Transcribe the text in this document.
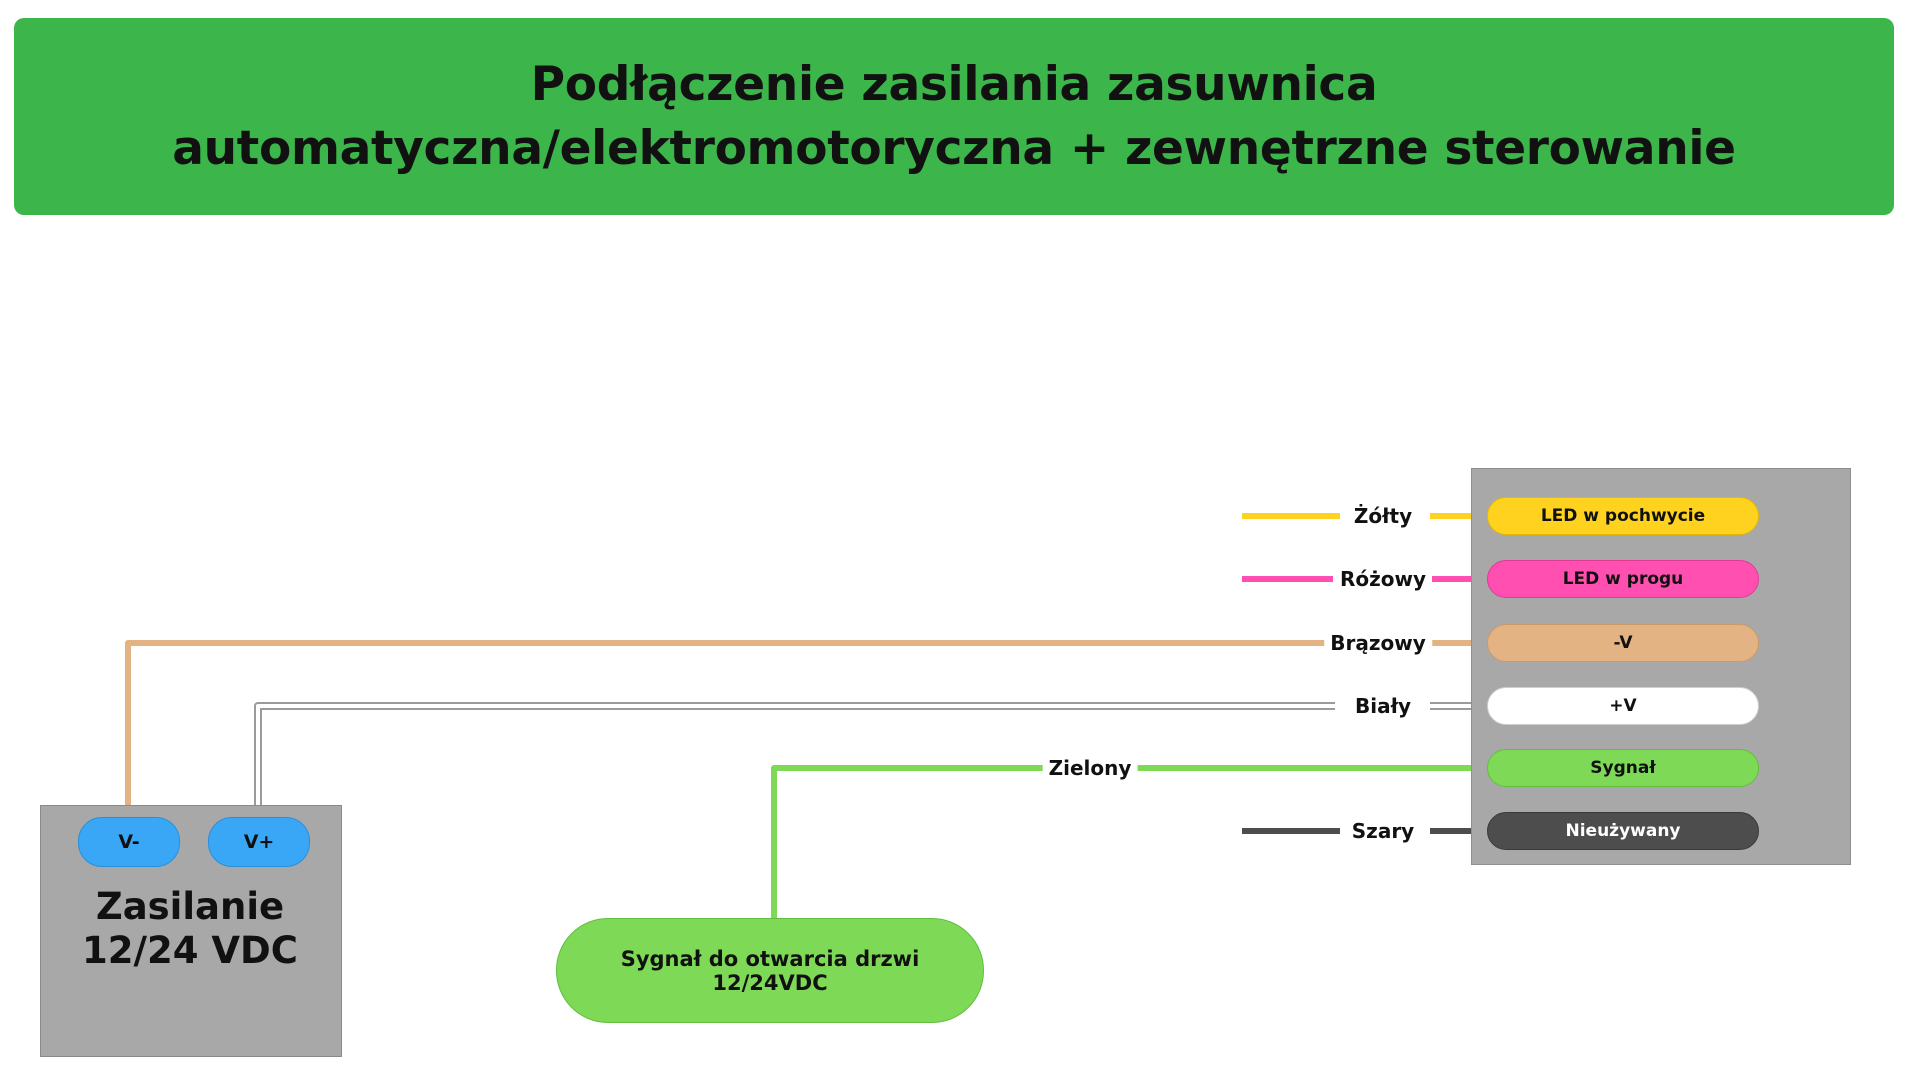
Podłączenie zasilania zasuwnica
automatyczna/elektromotoryczna + zewnętrzne sterowanie
Żółty
Różowy
Brązowy
Biały
Zielony
Szary
LED w pochwycie
LED w progu
-V
+V
Sygnał
Nieużywany
V-	V+
Zasilanie
12/24 VDC	Sygnał do otwarcia drzwi 12/24VDC
